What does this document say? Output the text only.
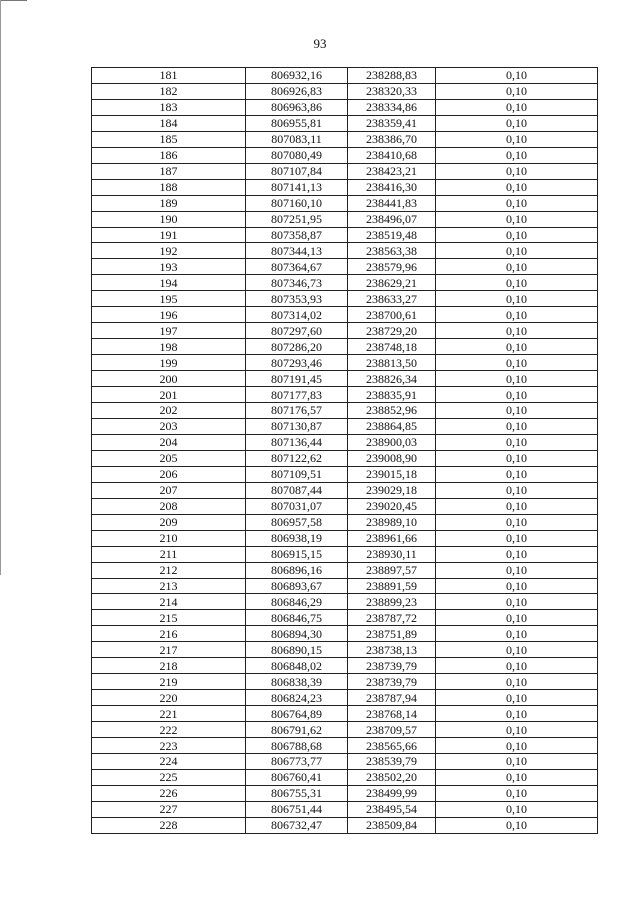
93
181	806932,16	238288,83	0,10
182	806926,83	238320,33	0,10
183	806963,86	238334,86	0,10
184	806955,81	238359,41	0,10
185	807083,11	238386,70	0,10
186	807080,49	238410,68	0,10
187	807107,84	238423,21	0,10
188	807141,13	238416,30	0,10
189	807160,10	238441,83	0,10
190	807251,95	238496,07	0,10
191	807358,87	238519,48	0,10
192	807344,13	238563,38	0,10
193	807364,67	238579,96	0,10
194	807346,73	238629,21	0,10
195	807353,93	238633,27	0,10
196	807314,02	238700,61	0,10
197	807297,60	238729,20	0,10
198	807286,20	238748,18	0,10
199	807293,46	238813,50	0,10
200	807191,45	238826,34	0,10
201	807177,83	238835,91	0,10
202	807176,57	238852,96	0,10
203	807130,87	238864,85	0,10
204	807136,44	238900,03	0,10
205	807122,62	239008,90	0,10
206	807109,51	239015,18	0,10
207	807087,44	239029,18	0,10
208	807031,07	239020,45	0,10
209	806957,58	238989,10	0,10
210	806938,19	238961,66	0,10
211	806915,15	238930,11	0,10
212	806896,16	238897,57	0,10
213	806893,67	238891,59	0,10
214	806846,29	238899,23	0,10
215	806846,75	238787,72	0,10
216	806894,30	238751,89	0,10
217	806890,15	238738,13	0,10
218	806848,02	238739,79	0,10
219	806838,39	238739,79	0,10
220	806824,23	238787,94	0,10
221	806764,89	238768,14	0,10
222	806791,62	238709,57	0,10
223	806788,68	238565,66	0,10
224	806773,77	238539,79	0,10
225	806760,41	238502,20	0,10
226	806755,31	238499,99	0,10
227	806751,44	238495,54	0,10
228	806732,47	238509,84	0,10
